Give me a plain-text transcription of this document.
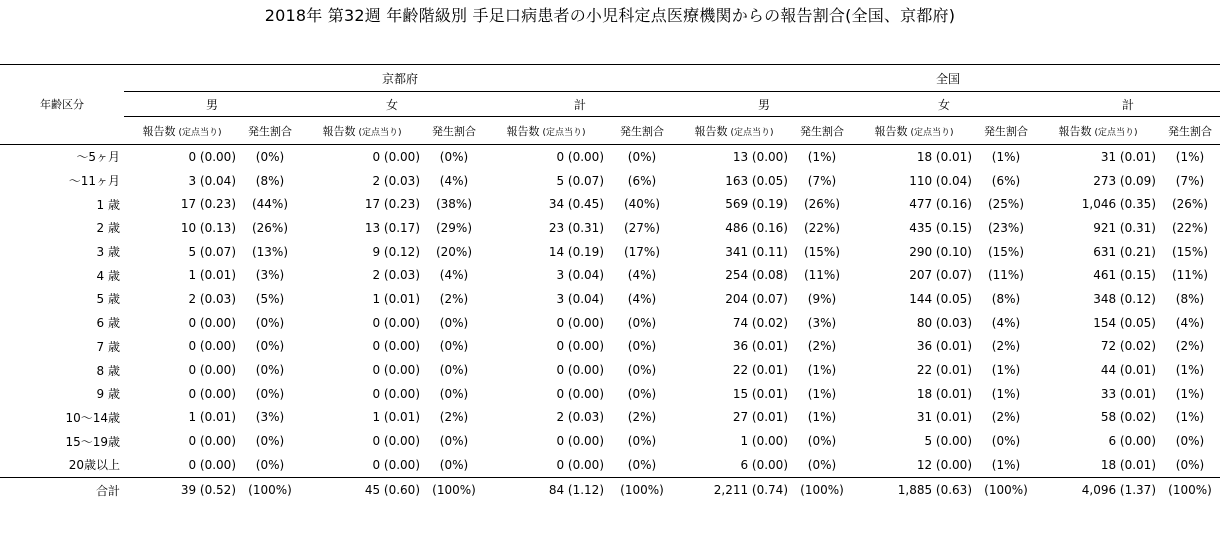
2018年 第32週 年齢階級別 手足口病患者の小児科定点医療機関からの報告割合(全国、京都府)
	京都府						全国					
年齢区分	男		女		計		男		女		計	
	報告数 (定点当り)	発生割合	報告数 (定点当り)	発生割合	報告数 (定点当り)	発生割合	報告数 (定点当り)	発生割合	報告数 (定点当り)	発生割合	報告数 (定点当り)	発生割合
～5ヶ月	0 (0.00)	(0%)	0 (0.00)	(0%)	0 (0.00)	(0%)	13 (0.00)	(1%)	18 (0.01)	(1%)	31 (0.01)	(1%)
～11ヶ月	3 (0.04)	(8%)	2 (0.03)	(4%)	5 (0.07)	(6%)	163 (0.05)	(7%)	110 (0.04)	(6%)	273 (0.09)	(7%)
1 歳	17 (0.23)	(44%)	17 (0.23)	(38%)	34 (0.45)	(40%)	569 (0.19)	(26%)	477 (0.16)	(25%)	1,046 (0.35)	(26%)
2 歳	10 (0.13)	(26%)	13 (0.17)	(29%)	23 (0.31)	(27%)	486 (0.16)	(22%)	435 (0.15)	(23%)	921 (0.31)	(22%)
3 歳	5 (0.07)	(13%)	9 (0.12)	(20%)	14 (0.19)	(17%)	341 (0.11)	(15%)	290 (0.10)	(15%)	631 (0.21)	(15%)
4 歳	1 (0.01)	(3%)	2 (0.03)	(4%)	3 (0.04)	(4%)	254 (0.08)	(11%)	207 (0.07)	(11%)	461 (0.15)	(11%)
5 歳	2 (0.03)	(5%)	1 (0.01)	(2%)	3 (0.04)	(4%)	204 (0.07)	(9%)	144 (0.05)	(8%)	348 (0.12)	(8%)
6 歳	0 (0.00)	(0%)	0 (0.00)	(0%)	0 (0.00)	(0%)	74 (0.02)	(3%)	80 (0.03)	(4%)	154 (0.05)	(4%)
7 歳	0 (0.00)	(0%)	0 (0.00)	(0%)	0 (0.00)	(0%)	36 (0.01)	(2%)	36 (0.01)	(2%)	72 (0.02)	(2%)
8 歳	0 (0.00)	(0%)	0 (0.00)	(0%)	0 (0.00)	(0%)	22 (0.01)	(1%)	22 (0.01)	(1%)	44 (0.01)	(1%)
9 歳	0 (0.00)	(0%)	0 (0.00)	(0%)	0 (0.00)	(0%)	15 (0.01)	(1%)	18 (0.01)	(1%)	33 (0.01)	(1%)
10～14歳	1 (0.01)	(3%)	1 (0.01)	(2%)	2 (0.03)	(2%)	27 (0.01)	(1%)	31 (0.01)	(2%)	58 (0.02)	(1%)
15～19歳	0 (0.00)	(0%)	0 (0.00)	(0%)	0 (0.00)	(0%)	1 (0.00)	(0%)	5 (0.00)	(0%)	6 (0.00)	(0%)
20歳以上	0 (0.00)	(0%)	0 (0.00)	(0%)	0 (0.00)	(0%)	6 (0.00)	(0%)	12 (0.00)	(1%)	18 (0.01)	(0%)
合計	39 (0.52)	(100%)	45 (0.60)	(100%)	84 (1.12)	(100%)	2,211 (0.74)	(100%)	1,885 (0.63)	(100%)	4,096 (1.37)	(100%)
